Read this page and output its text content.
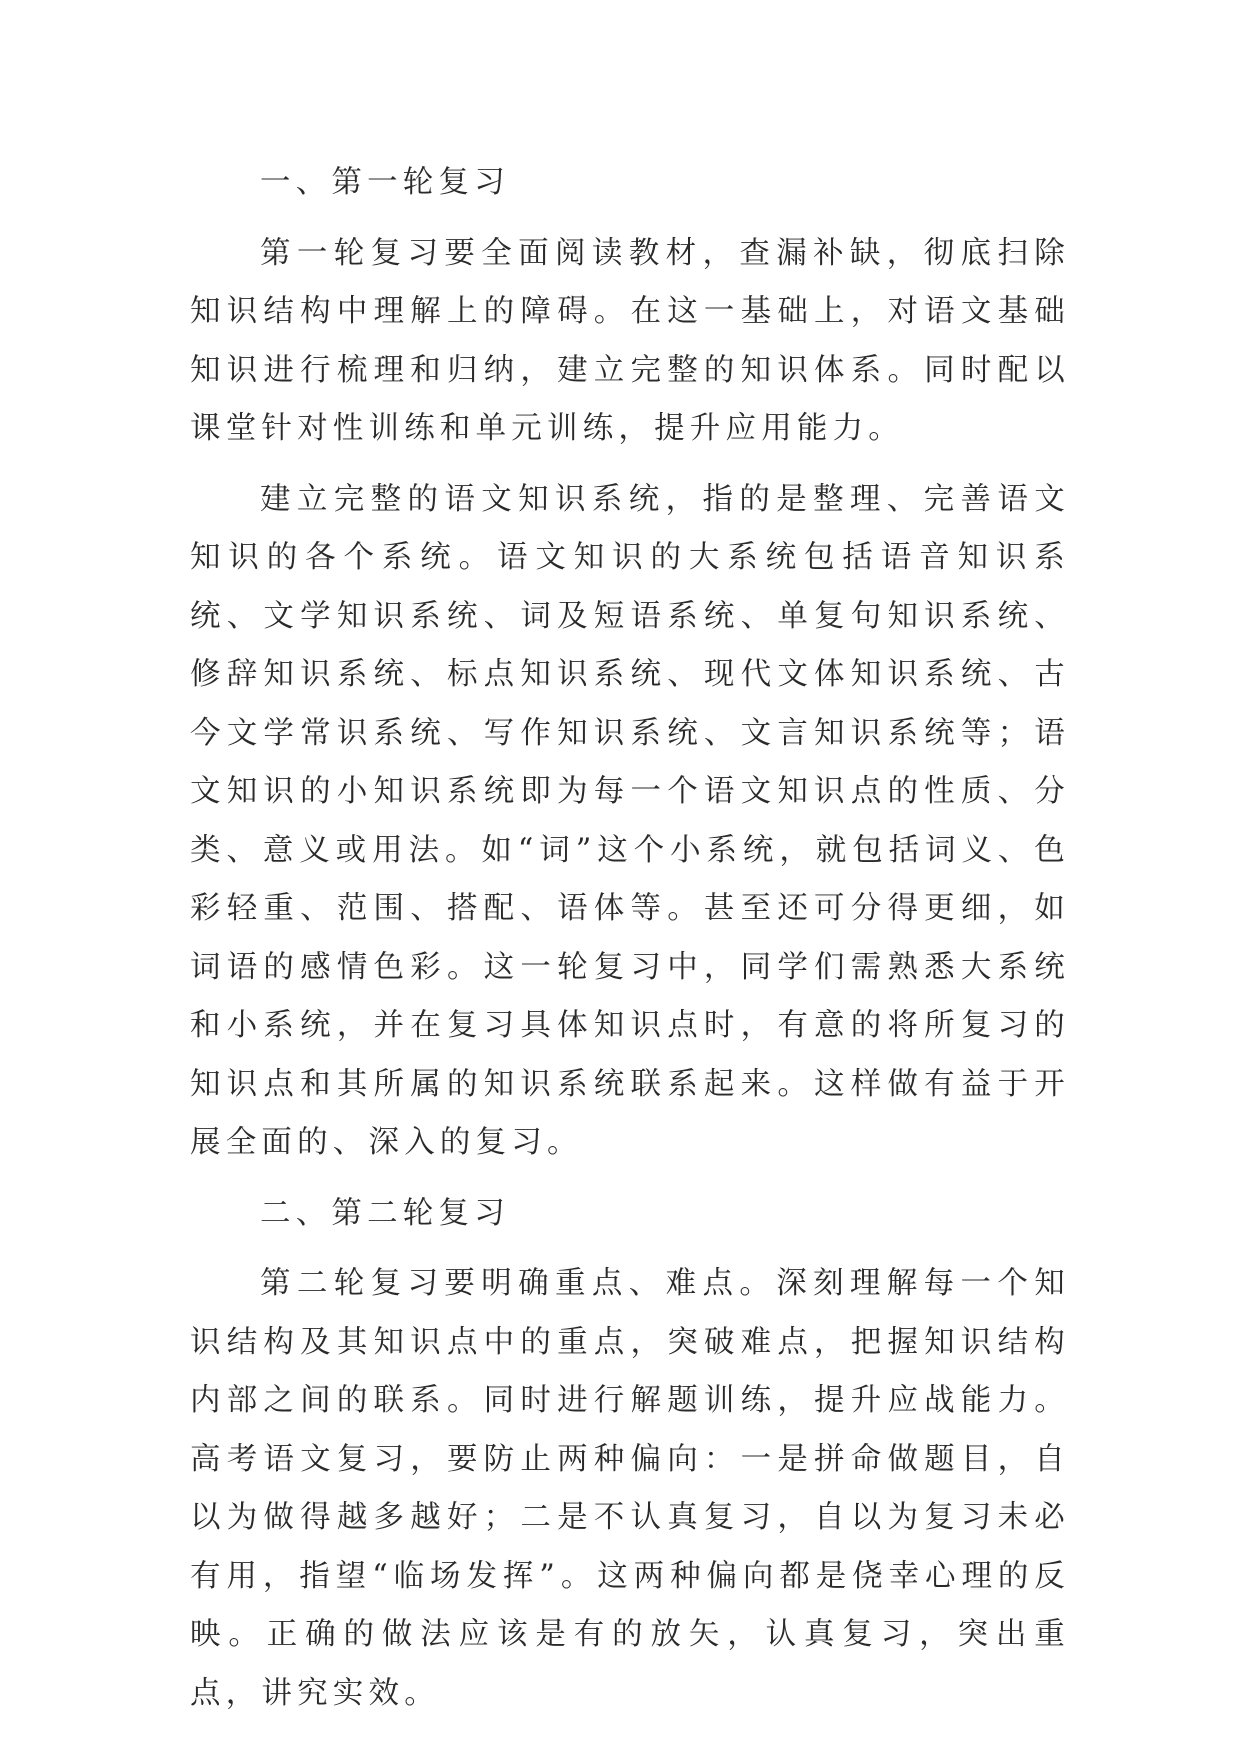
一、第一轮复习

第一轮复习要全面阅读教材，查漏补缺，彻底扫除知识结构中理解上的障碍。在这一基础上，对语文基础知识进行梳理和归纳，建立完整的知识体系。同时配以课堂针对性训练和单元训练，提升应用能力。

建立完整的语文知识系统，指的是整理、完善语文知识的各个系统。语文知识的大系统包括语音知识系统、文学知识系统、词及短语系统、单复句知识系统、修辞知识系统、标点知识系统、现代文体知识系统、古今文学常识系统、写作知识系统、文言知识系统等；语文知识的小知识系统即为每一个语文知识点的性质、分类、意义或用法。如“词”这个小系统，就包括词义、色彩轻重、范围、搭配、语体等。甚至还可分得更细，如词语的感情色彩。这一轮复习中，同学们需熟悉大系统和小系统，并在复习具体知识点时，有意的将所复习的知识点和其所属的知识系统联系起来。这样做有益于开展全面的、深入的复习。

二、第二轮复习

第二轮复习要明确重点、难点。深刻理解每一个知识结构及其知识点中的重点，突破难点，把握知识结构内部之间的联系。同时进行解题训练，提升应战能力。高考语文复习，要防止两种偏向：一是拼命做题目，自以为做得越多越好；二是不认真复习，自以为复习未必有用，指望“临场发挥”。这两种偏向都是侥幸心理的反映。正确的做法应该是有的放矢，认真复习，突出重点，讲究实效。
